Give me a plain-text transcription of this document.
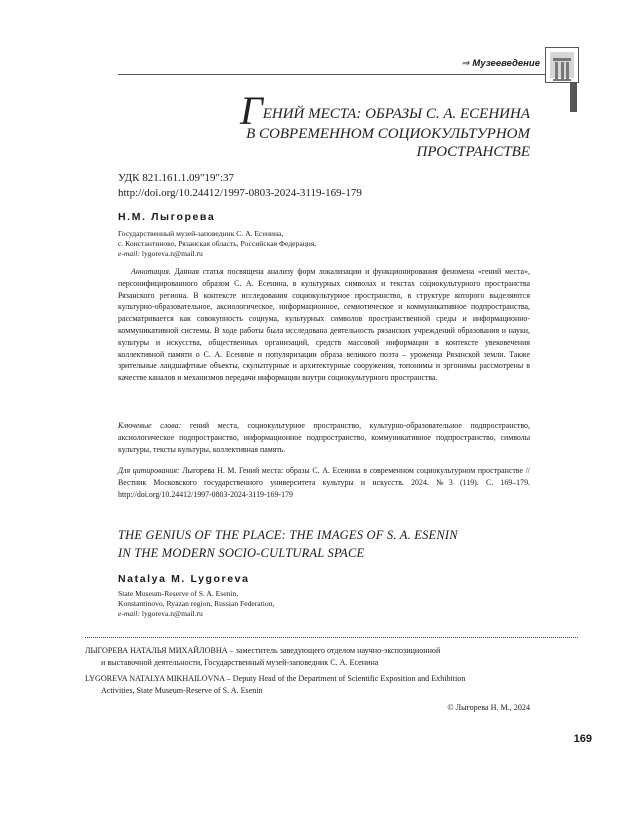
⇒ Музееведение
ГЕНИЙ МЕСТА: ОБРАЗЫ С. А. ЕСЕНИНА
В СОВРЕМЕННОМ СОЦИОКУЛЬТУРНОМ
ПРОСТРАНСТВЕ
УДК 821.161.1.09"19":37
http://doi.org/10.24412/1997-0803-2024-3119-169-179
Н.М. Лыгорева
Государственный музей-заповедник С. А. Есенина,
с. Константиново, Рязанская область, Российская Федерация,
e-mail: lygoreva.n@mail.ru
Аннотация. Данная статья посвящена анализу форм локализации и функционирования феномена «гений места», персонифицированного образом С. А. Есенина, в культурных символах и текстах социокультурного пространства Рязанского региона. В контексте исследования социокультурное пространство, в структуре которого выделяются культурно-образовательное, аксиологическое, информационное, семиотическое и коммуникативное подпространства, рассматривается как совокупность социума, культурных символов пространственной среды и информационно-коммуникативной системы. В ходе работы была исследована деятельность рязанских учреждений образования и науки, культуры и искусства, общественных организаций, средств массовой информации в контексте увековечения коллективной памяти о С. А. Есенине и популяризации образа великого поэта – уроженца Рязанской земли. Также зрительные ландшафтные объекты, скульптурные и архитектурные сооружения, топонимы и эргонимы рассмотрены в качестве каналов и механизмов передачи информации внутри социокультурного пространства.
Ключевые слова: гений места, социокультурное пространство, культурно-образовательное подпространство, аксиологическое подпространство, информационное подпространство, коммуникативное подпространство, символы культуры, тексты культуры, коллективная память.
Для цитирования: Лыгорева Н. М. Гений места: образы С. А. Есенина в современном социокультурном пространстве // Вестник Московского государственного университета культуры и искусств. 2024. №3 (119). С. 169–179. http://doi.org/10.24412/1997-0803-2024-3119-169-179
THE GENIUS OF THE PLACE: THE IMAGES OF S. A. ESENIN
IN THE MODERN SOCIO-CULTURAL SPACE
Natalya M. Lygoreva
State Museum-Reserve of S. A. Esenin,
Konstantinovo, Ryazan region, Russian Federation,
e-mail: lygoreva.n@mail.ru
ЛЫГОРЕВА НАТАЛЬЯ МИХАЙЛОВНА – заместитель заведующего отделом научно-экспозиционной
и выставочной деятельности, Государственный музей-заповедник С. А. Есенина
LYGOREVA NATALYA MIKHAILOVNA – Deputy Head of the Department of Scientific Exposition and Exhibition
Activities, State Museum-Reserve of S. A. Esenin
© Лыгорева Н. М., 2024
169
